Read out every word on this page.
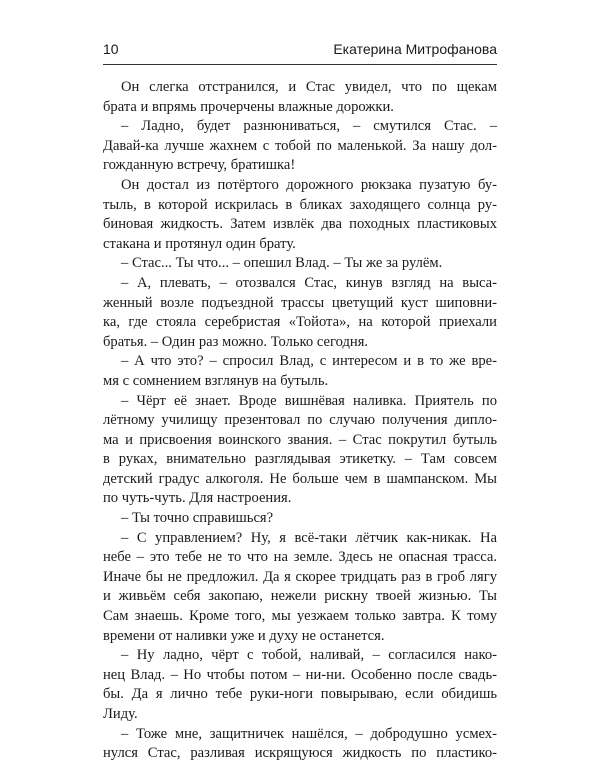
10	Екатерина Митрофанова
Он слегка отстранился, и Стас увидел, что по щекам
брата и впрямь прочерчены влажные дорожки.
– Ладно, будет разнюниваться, – смутился Стас. –
Давай-ка лучше жахнем с тобой по маленькой. За нашу дол-
гожданную встречу, братишка!
Он достал из потёртого дорожного рюкзака пузатую бу-
тыль, в которой искрилась в бликах заходящего солнца ру-
биновая жидкость. Затем извлёк два походных пластиковых
стакана и протянул один брату.
– Стас... Ты что... – опешил Влад. – Ты же за рулём.
– А, плевать, – отозвался Стас, кинув взгляд на выса-
женный возле подъездной трассы цветущий куст шиповни-
ка, где стояла серебристая «Тойота», на которой приехали
братья. – Один раз можно. Только сегодня.
– А что это? – спросил Влад, с интересом и в то же вре-
мя с сомнением взглянув на бутыль.
– Чёрт её знает. Вроде вишнёвая наливка. Приятель по
лётному училищу презентовал по случаю получения дипло-
ма и присвоения воинского звания. – Стас покрутил бутыль
в руках, внимательно разглядывая этикетку. – Там совсем
детский градус алкоголя. Не больше чем в шампанском. Мы
по чуть-чуть. Для настроения.
– Ты точно справишься?
– С управлением? Ну, я всё-таки лётчик как-никак. На
небе – это тебе не то что на земле. Здесь не опасная трасса.
Иначе бы не предложил. Да я скорее тридцать раз в гроб лягу
и живьём себя закопаю, нежели рискну твоей жизнью. Ты
Сам знаешь. Кроме того, мы уезжаем только завтра. К тому
времени от наливки уже и духу не останется.
– Ну ладно, чёрт с тобой, наливай, – согласился нако-
нец Влад. – Но чтобы потом – ни-ни. Особенно после свадь-
бы. Да я лично тебе руки-ноги повырываю, если обидишь
Лиду.
– Тоже мне, защитничек нашёлся, – добродушно усмех-
нулся Стас, разливая искрящуюся жидкость по пластико-
